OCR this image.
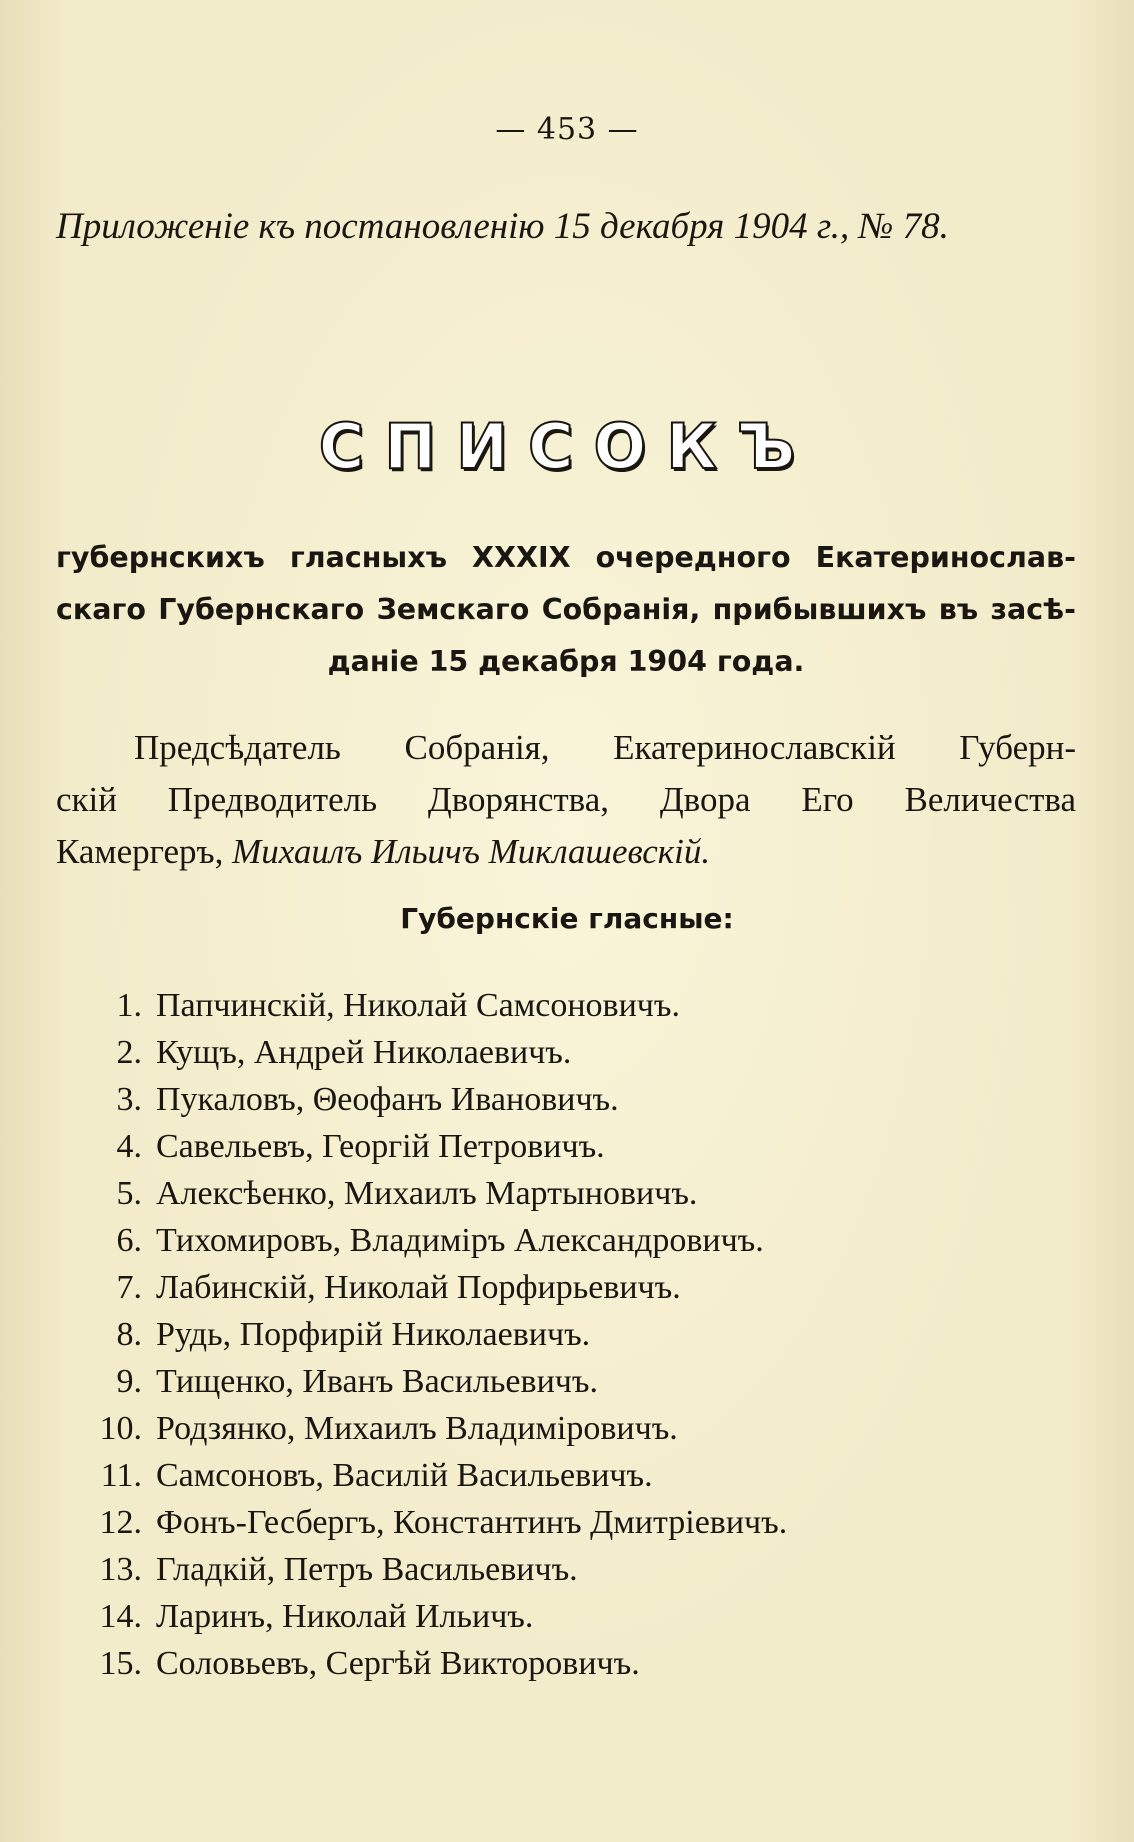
— 453 —
Приложеніе къ постановленію 15 декабря 1904 г., № 78.
СПИСОКЪ
губернскихъ гласныхъ XXXIX очередного Екатеринослав-
скаго Губернскаго Земскаго Собранія, прибывшихъ въ засѣ-
даніе 15 декабря 1904 года.
Предсѣдатель Собранія, Екатеринославскій Губерн-
скій Предводитель Дворянства, Двора Его Величества
Камергеръ, Михаилъ Ильичъ Миклашевскій.
Губернскіе гласные:
1. Папчинскій, Николай Самсоновичъ.
2. Кущъ, Андрей Николаевичъ.
3. Пукаловъ, Θеофанъ Ивановичъ.
4. Савельевъ, Георгій Петровичъ.
5. Алексѣенко, Михаилъ Мартыновичъ.
6. Тихомировъ, Владиміръ Александровичъ.
7. Лабинскій, Николай Порфирьевичъ.
8. Рудь, Порфирій Николаевичъ.
9. Тищенко, Иванъ Васильевичъ.
10. Родзянко, Михаилъ Владиміровичъ.
11. Самсоновъ, Василій Васильевичъ.
12. Фонъ-Гесбергъ, Константинъ Дмитріевичъ.
13. Гладкій, Петръ Васильевичъ.
14. Ларинъ, Николай Ильичъ.
15. Соловьевъ, Сергѣй Викторовичъ.
